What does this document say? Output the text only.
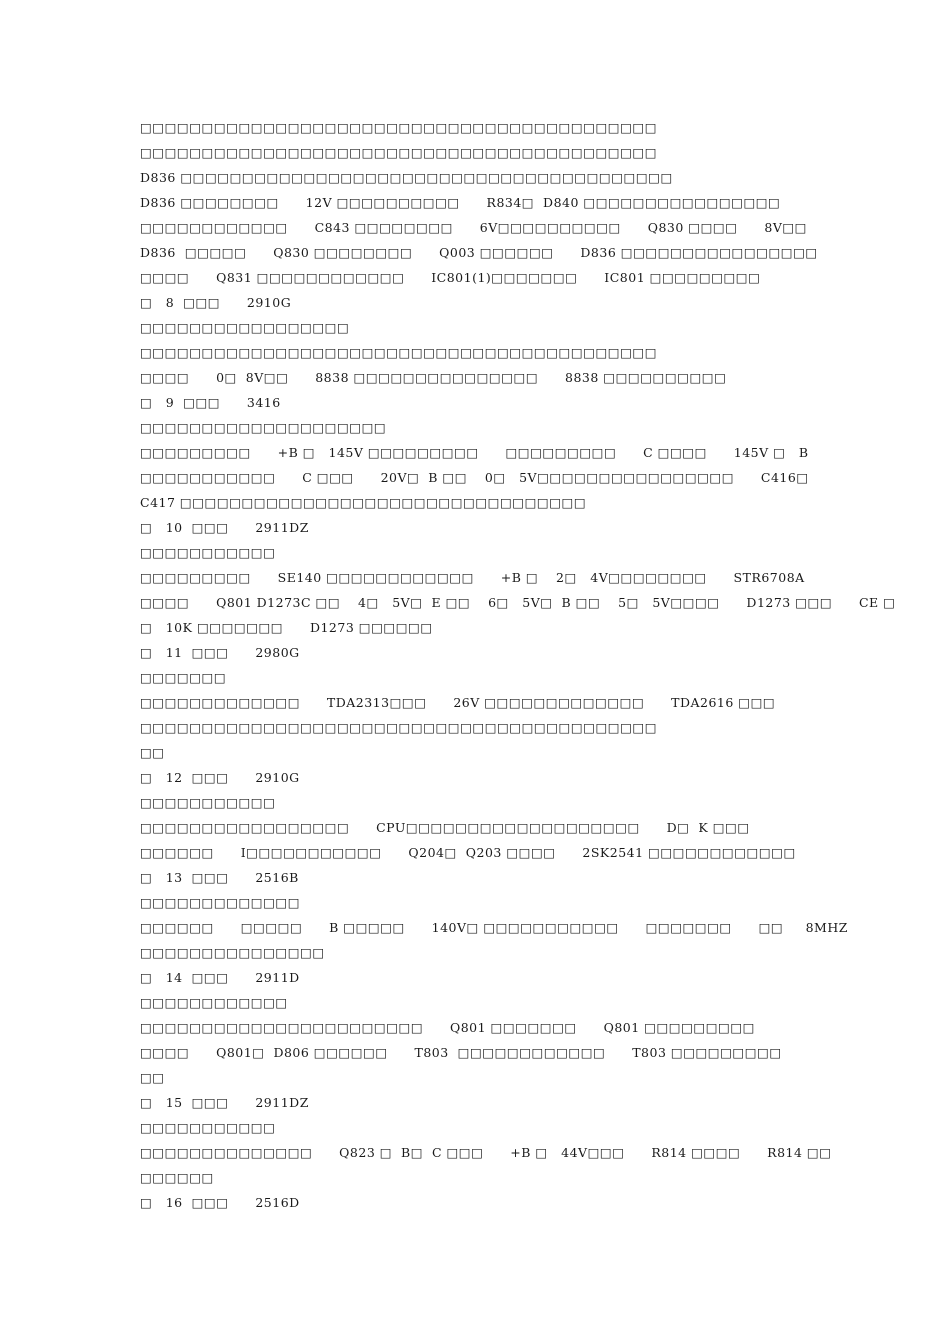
□□□□□□□□□□□□□□□□□□□□□□□□□□□□□□□□□□□□□□□□□□
□□□□□□□□□□□□□□□□□□□□□□□□□□□□□□□□□□□□□□□□□□
D836 □□□□□□□□□□□□□□□□□□□□□□□□□□□□□□□□□□□□□□□□
D836 □□□□□□□□      12V □□□□□□□□□□      R834□  D840 □□□□□□□□□□□□□□□□
□□□□□□□□□□□□      C843 □□□□□□□□      6V□□□□□□□□□□      Q830 □□□□      8V□□
D836  □□□□□      Q830 □□□□□□□□      Q003 □□□□□□      D836 □□□□□□□□□□□□□□□□
□□□□      Q831 □□□□□□□□□□□□      IC801(1)□□□□□□□      IC801 □□□□□□□□□
□   8  □□□      2910G
□□□□□□□□□□□□□□□□□
□□□□□□□□□□□□□□□□□□□□□□□□□□□□□□□□□□□□□□□□□□
□□□□      0□  8V□□      8838 □□□□□□□□□□□□□□□      8838 □□□□□□□□□□
□   9  □□□      3416
□□□□□□□□□□□□□□□□□□□□
□□□□□□□□□      +B □   145V □□□□□□□□□      □□□□□□□□□      C □□□□      145V □   B
□□□□□□□□□□□      C □□□      20V□  B □□    0□   5V□□□□□□□□□□□□□□□□      C416□
C417 □□□□□□□□□□□□□□□□□□□□□□□□□□□□□□□□□
□   10  □□□      2911DZ
□□□□□□□□□□□
□□□□□□□□□      SE140 □□□□□□□□□□□□      +B □    2□   4V□□□□□□□□      STR6708A
□□□□      Q801 D1273C □□    4□   5V□  E □□    6□   5V□  B □□    5□   5V□□□□      D1273 □□□      CE □
□   10K □□□□□□□      D1273 □□□□□□
□   11  □□□      2980G
□□□□□□□
□□□□□□□□□□□□□      TDA2313□□□      26V □□□□□□□□□□□□□      TDA2616 □□□
□□□□□□□□□□□□□□□□□□□□□□□□□□□□□□□□□□□□□□□□□□
□□
□   12  □□□      2910G
□□□□□□□□□□□
□□□□□□□□□□□□□□□□□      CPU□□□□□□□□□□□□□□□□□□□      D□  K □□□
□□□□□□      I□□□□□□□□□□□      Q204□  Q203 □□□□      2SK2541 □□□□□□□□□□□□
□   13  □□□      2516B
□□□□□□□□□□□□□
□□□□□□      □□□□□      B □□□□□      140V□ □□□□□□□□□□□      □□□□□□□      □□     8MHZ
□□□□□□□□□□□□□□□
□   14  □□□      2911D
□□□□□□□□□□□□
□□□□□□□□□□□□□□□□□□□□□□□      Q801 □□□□□□□      Q801 □□□□□□□□□
□□□□      Q801□  D806 □□□□□□      T803  □□□□□□□□□□□□      T803 □□□□□□□□□
□□
□   15  □□□      2911DZ
□□□□□□□□□□□
□□□□□□□□□□□□□□      Q823 □  B□  C □□□      +B □   44V□□□      R814 □□□□      R814 □□
□□□□□□
□   16  □□□      2516D
